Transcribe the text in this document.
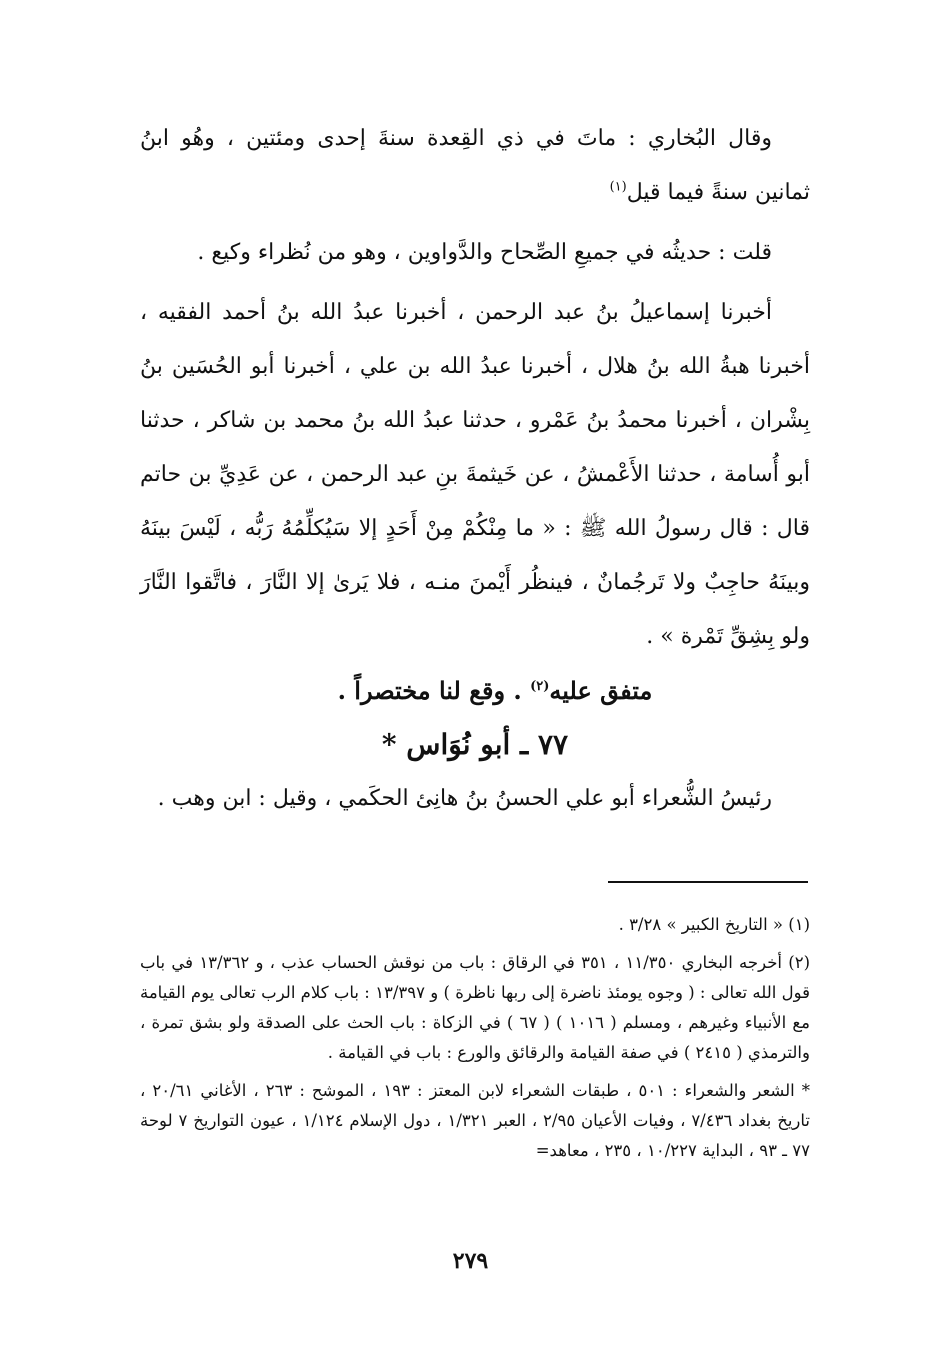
وقال البُخاري : ماتَ في ذي القِعدة سنةَ إحدى ومئتين ، وهُو ابنُ ثمانين سنةً فيما قيل$^{(١)}$

قلت : حديثُه في جميعِ الصِّحاح والدَّواوين ، وهو من نُظراء وكيع .

أخبرنا إسماعيلُ بنُ عبد الرحمن ، أخبرنا عبدُ الله بنُ أحمد الفقيه ، أخبرنا هبةُ الله بنُ هلال ، أخبرنا عبدُ الله بن علي ، أخبرنا أبو الحُسَين بنُ بِشْران ، أخبرنا محمدُ بنُ عَمْرو ، حدثنا عبدُ الله بنُ محمد بن شاكر ، حدثنا أبو أُسامة ، حدثنا الأَعْمشُ ، عن خَيثمةَ بنِ عبد الرحمن ، عن عَدِيِّ بن حاتم قال : قال رسولُ الله ﷺ : « ما مِنْكُمْ مِنْ أَحَدٍ إلا سَيُكلِّمُهُ رَبُّه ، لَيْسَ بينَهُ وبينَهُ حاجِبٌ ولا تَرجُمانٌ ، فينظُر أَيْمنَ منـه ، فلا يَرىٰ إلا النَّارَ ، فاتَّقوا النَّارَ ولو بِشِقِّ تَمْرة » .

متفق عليه$^{(٢)}$ . وقع لنا مختصراً .

٧٧ ـ أبو نُوَاس *

رئيسُ الشُّعراء أبو علي الحسنُ بنُ هانِئ الحكَمي ، وقيل : ابن وهب .

(١) « التاريخ الكبير » ٣/٢٨ .

(٢) أخرجه البخاري ١١/٣٥٠ ، ٣٥١ في الرقاق : باب من نوقش الحساب عذب ، و ١٣/٣٦٢ في باب قول الله تعالى : ( وجوه يومئذ ناضرة إلى ربها ناظرة ) و ١٣/٣٩٧ : باب كلام الرب تعالى يوم القيامة مع الأنبياء وغيرهم ، ومسلم ( ١٠١٦ ) ( ٦٧ ) في الزكاة : باب الحث على الصدقة ولو بشق تمرة ، والترمذي ( ٢٤١٥ ) في صفة القيامة والرقائق والورع : باب في القيامة .

* الشعر والشعراء : ٥٠١ ، طبقات الشعراء لابن المعتز : ١٩٣ ، الموشح : ٢٦٣ ، الأغاني ٢٠/٦١ ، تاريخ بغداد ٧/٤٣٦ ، وفيات الأعيان ٢/٩٥ ، العبر ١/٣٢١ ، دول الإسلام ١/١٢٤ ، عيون التواريخ ٧ لوحة ٧٧ ـ ٩٣ ، البداية ١٠/٢٢٧ ، ٢٣٥ ، معاهد=

٢٧٩
